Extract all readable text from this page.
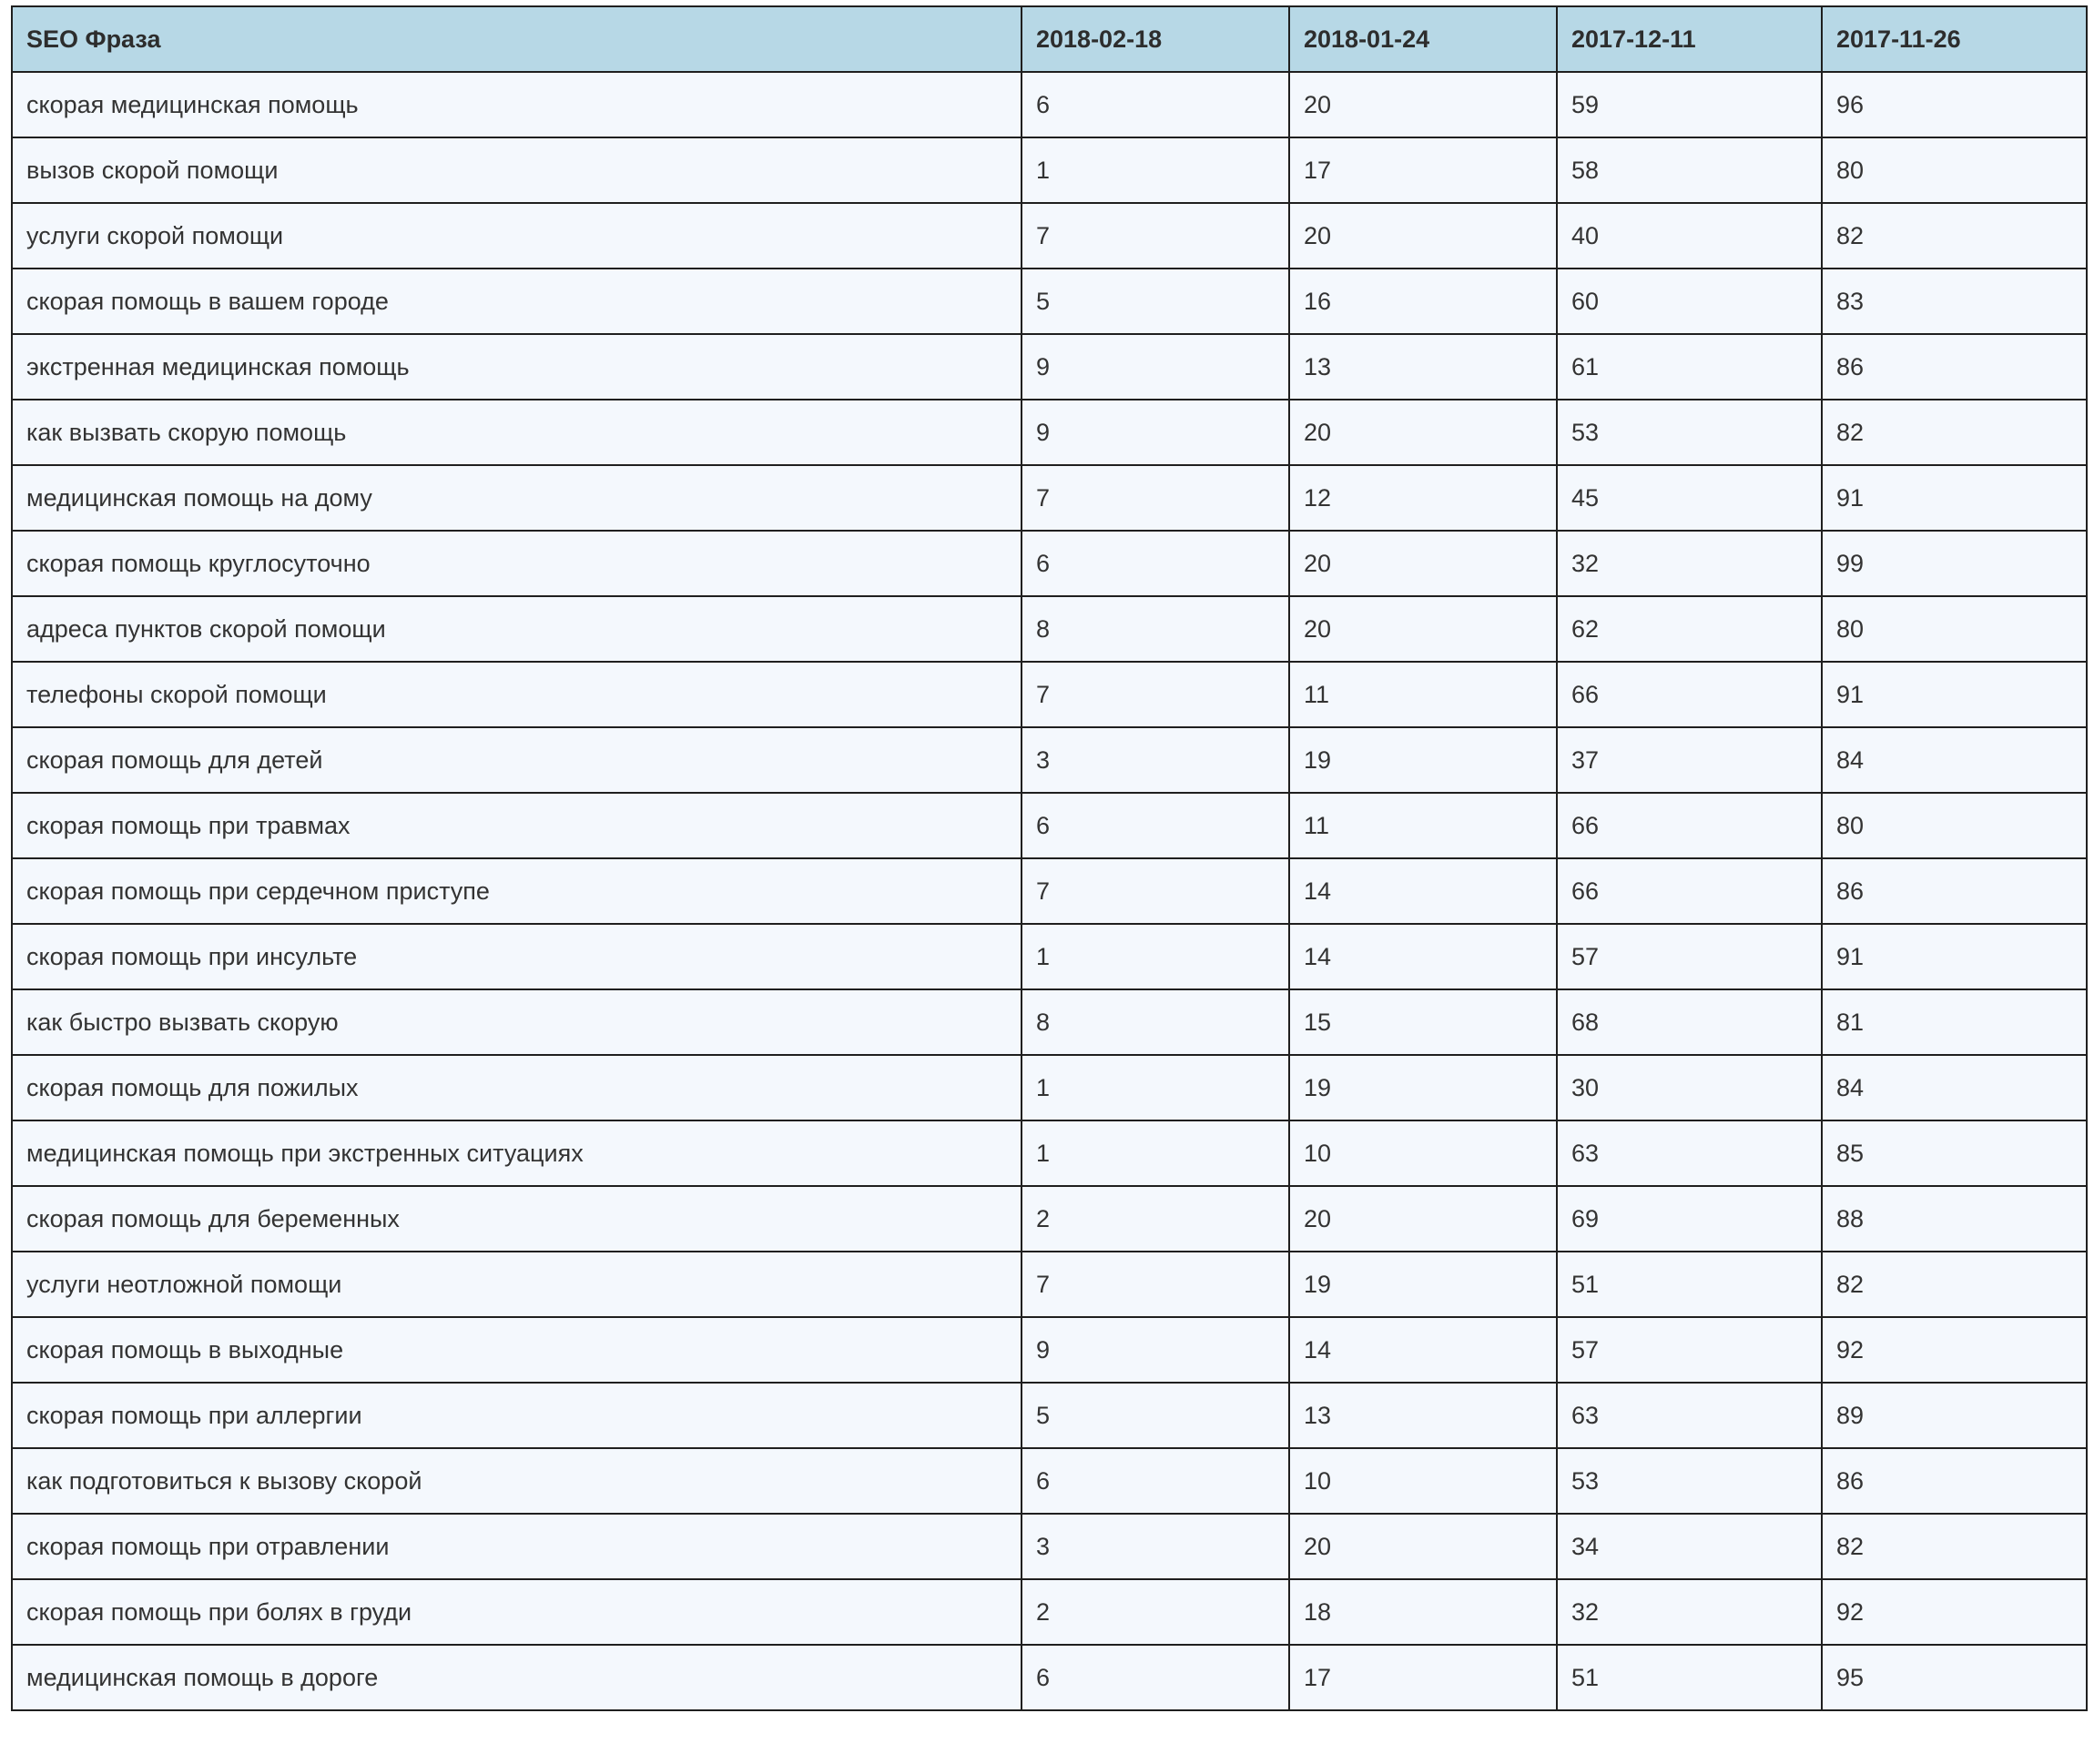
SEO Фраза	2018-02-18	2018-01-24	2017-12-11	2017-11-26
скорая медицинская помощь	6	20	59	96
вызов скорой помощи	1	17	58	80
услуги скорой помощи	7	20	40	82
скорая помощь в вашем городе	5	16	60	83
экстренная медицинская помощь	9	13	61	86
как вызвать скорую помощь	9	20	53	82
медицинская помощь на дому	7	12	45	91
скорая помощь круглосуточно	6	20	32	99
адреса пунктов скорой помощи	8	20	62	80
телефоны скорой помощи	7	11	66	91
скорая помощь для детей	3	19	37	84
скорая помощь при травмах	6	11	66	80
скорая помощь при сердечном приступе	7	14	66	86
скорая помощь при инсульте	1	14	57	91
как быстро вызвать скорую	8	15	68	81
скорая помощь для пожилых	1	19	30	84
медицинская помощь при экстренных ситуациях	1	10	63	85
скорая помощь для беременных	2	20	69	88
услуги неотложной помощи	7	19	51	82
скорая помощь в выходные	9	14	57	92
скорая помощь при аллергии	5	13	63	89
как подготовиться к вызову скорой	6	10	53	86
скорая помощь при отравлении	3	20	34	82
скорая помощь при болях в груди	2	18	32	92
медицинская помощь в дороге	6	17	51	95
